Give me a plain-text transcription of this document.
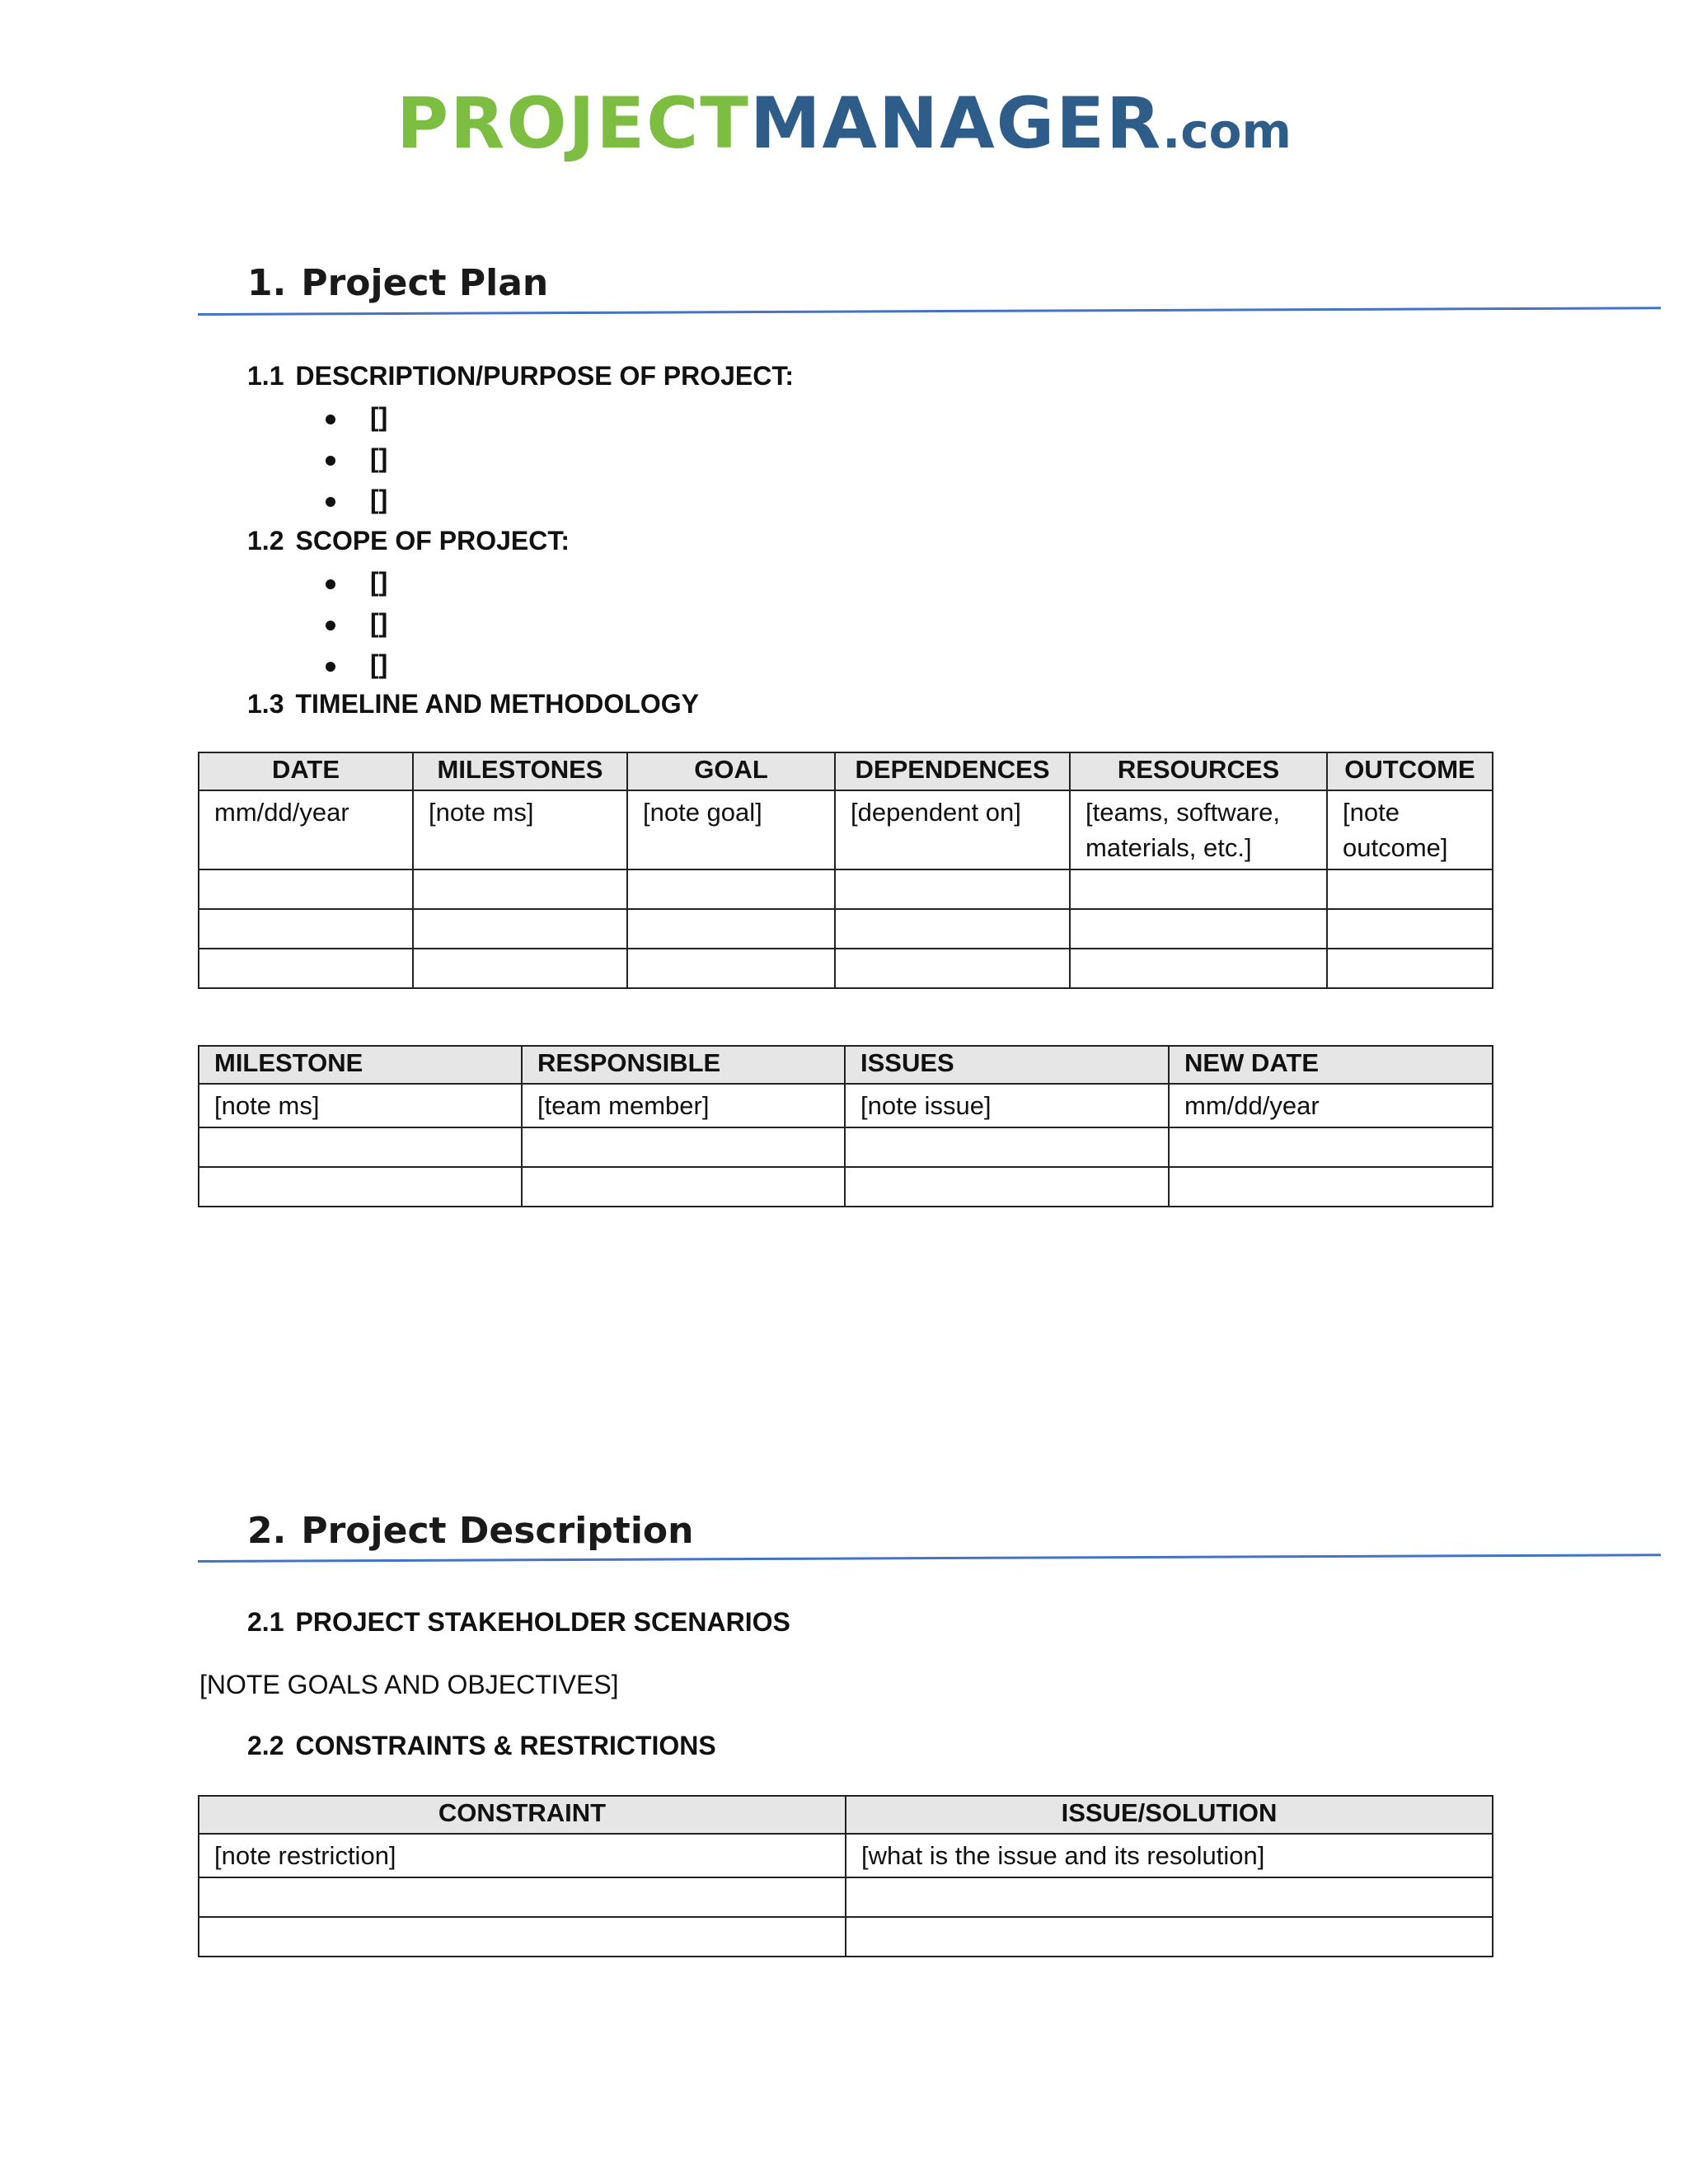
PROJECTMANAGER.com
1. Project Plan
1.1 DESCRIPTION/PURPOSE OF PROJECT:
[]
[]
[]
1.2 SCOPE OF PROJECT:
[]
[]
[]
1.3 TIMELINE AND METHODOLOGY
DATE	MILESTONES	GOAL	DEPENDENCES	RESOURCES	OUTCOME
mm/dd/year	[note ms]	[note goal]	[dependent on]	[teams, software, materials, etc.]	[note outcome]

MILESTONE	RESPONSIBLE	ISSUES	NEW DATE
[note ms]	[team member]	[note issue]	mm/dd/year

2. Project Description
2.1 PROJECT STAKEHOLDER SCENARIOS
[NOTE GOALS AND OBJECTIVES]
2.2 CONSTRAINTS & RESTRICTIONS
CONSTRAINT	ISSUE/SOLUTION
[note restriction]	[what is the issue and its resolution]
